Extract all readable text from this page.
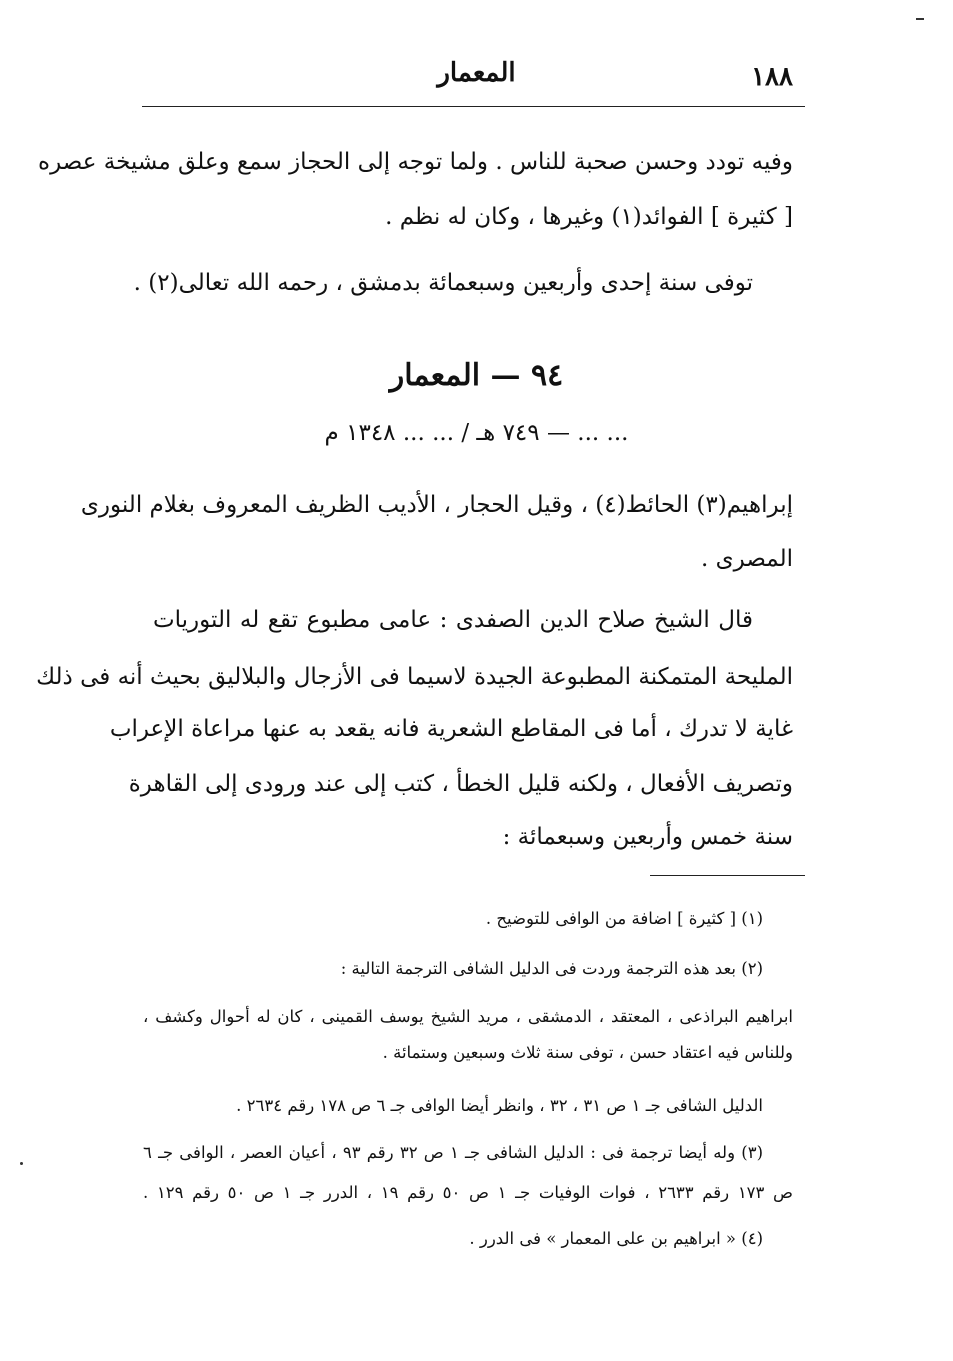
١٨٨
المعمار
وفيه تودد وحسن صحبة للناس . ولما توجه إلى الحجاز سمع وعلق مشيخة عصره
[ كثيرة ] الفوائد(١) وغيرها ، وكان له نظم .
توفى سنة إحدى وأربعين وسبعمائة بدمشق ، رحمه الله تعالى(٢) .
٩٤ — المعمار
... ... — ٧٤٩ هـ / ... ... ١٣٤٨ م
إبراهيم(٣) الحائط(٤) ، وقيل الحجار ، الأديب الظريف المعروف بغلام النورى
المصرى .
قال الشيخ صلاح الدين الصفدى : عامى مطبوع تقع له التوريات
المليحة المتمكنة المطبوعة الجيدة لاسيما فى الأزجال والبلاليق بحيث أنه فى ذلك
غاية لا تدرك ، أما فى المقاطع الشعرية فانه يقعد به عنها مراعاة الإعراب
وتصريف الأفعال ، ولكنه قليل الخطأ ، كتب إلى عند ورودى إلى القاهرة
سنة خمس وأربعين وسبعمائة :
(١) [ كثيرة ] اضافة من الوافى للتوضيح .
(٢) بعد هذه الترجمة وردت فى الدليل الشافى الترجمة التالية :
ابراهيم البراذعى ، المعتقد ، الدمشقى ، مريد الشيخ يوسف القمينى ، كان له أحوال وكشف ،
وللناس فيه اعتقاد حسن ، توفى سنة ثلاث وسبعين وستمائة .
الدليل الشافى جـ ١ ص ٣١ ، ٣٢ ، وانظر أيضا الوافى جـ ٦ ص ١٧٨ رقم ٢٦٣٤ .
(٣) وله أيضا ترجمة فى : الدليل الشافى جـ ١ ص ٣٢ رقم ٩٣ ، أعيان العصر ، الوافى جـ ٦
ص ١٧٣ رقم ٢٦٣٣ ، فوات الوفيات جـ ١ ص ٥٠ رقم ١٩ ، الدرر جـ ١ ص ٥٠ رقم ١٢٩ .
(٤) « ابراهيم بن على المعمار » فى الدرر .
